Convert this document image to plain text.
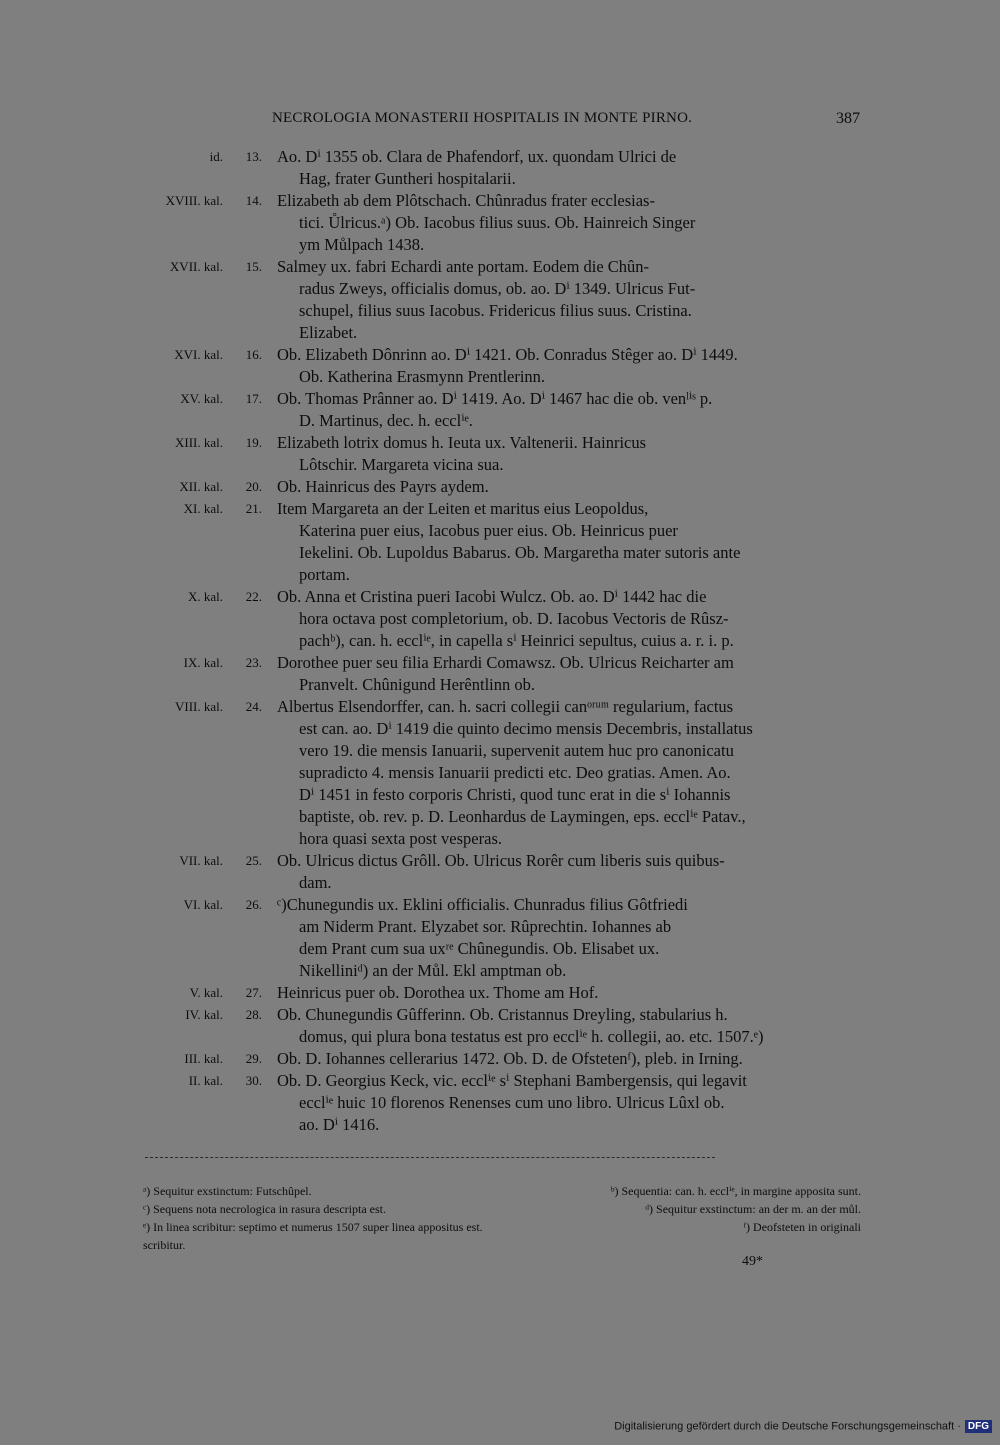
NECROLOGIA MONASTERII HOSPITALIS IN MONTE PIRNO.	387
id.	13. Ao. Dⁱ 1355 ob. Clara de Phafendorf, ux. quondam Ulrici de
Hag, frater Guntheri hospitalarii.
XVIII. kal.	14. Elizabeth ab dem Plôtschach. Chûnradus frater ecclesias-
tici. Ůlricus.ᵃ) Ob. Iacobus filius suus. Ob. Hainreich Singer
ym Můlpach 1438.
XVII. kal.	15. Salmey ux. fabri Echardi ante portam. Eodem die Chûn-
radus Zweys, officialis domus, ob. ao. Dⁱ 1349. Ulricus Fut-
schupel, filius suus Iacobus. Fridericus filius suus. Cristina.
Elizabet.
XVI. kal.	16. Ob. Elizabeth Dônrinn ao. Dⁱ 1421. Ob. Conradus Stêger ao. Dⁱ 1449.
Ob. Katherina Erasmynn Prentlerinn.
XV. kal.	17. Ob. Thomas Prânner ao. Dⁱ 1419. Ao. Dⁱ 1467 hac die ob. venˡⁱˢ p.
D. Martinus, dec. h. ecclⁱᵉ.
XIII. kal.	19. Elizabeth lotrix domus h. Ieuta ux. Valtenerii. Hainricus
Lôtschir. Margareta vicina sua.
XII. kal.	20. Ob. Hainricus des Payrs aydem.
XI. kal.	21. Item Margareta an der Leiten et maritus eius Leopoldus,
Katerina puer eius, Iacobus puer eius. Ob. Heinricus puer
Iekelini. Ob. Lupoldus Babarus. Ob. Margaretha mater sutoris ante
portam.
X. kal.	22. Ob. Anna et Cristina pueri Iacobi Wulcz. Ob. ao. Dⁱ 1442 hac die
hora octava post completorium, ob. D. Iacobus Vectoris de Rûsz-
pachᵇ), can. h. ecclⁱᵉ, in capella sⁱ Heinrici sepultus, cuius a. r. i. p.
IX. kal.	23. Dorothee puer seu filia Erhardi Comawsz. Ob. Ulricus Reicharter am
Pranvelt. Chûnigund Herêntlinn ob.
VIII. kal.	24. Albertus Elsendorffer, can. h. sacri collegii canᵒʳᵘᵐ regularium, factus
est can. ao. Dⁱ 1419 die quinto decimo mensis Decembris, installatus
vero 19. die mensis Ianuarii, supervenit autem huc pro canonicatu
supradicto 4. mensis Ianuarii predicti etc. Deo gratias. Amen. Ao.
Dⁱ 1451 in festo corporis Christi, quod tunc erat in die sⁱ Iohannis
baptiste, ob. rev. p. D. Leonhardus de Laymingen, eps. ecclⁱᵉ Patav.,
hora quasi sexta post vesperas.
VII. kal.	25. Ob. Ulricus dictus Grôll. Ob. Ulricus Rorêr cum liberis suis quibus-
dam.
VI. kal.	26. ᶜ)Chunegundis ux. Eklini officialis. Chunradus filius Gôtfriedi
am Niderm Prant. Elyzabet sor. Rûprechtin. Iohannes ab
dem Prant cum sua uxʳᵉ Chûnegundis. Ob. Elisabet ux.
Nikelliniᵈ) an der Můl. Ekl amptman ob.
V. kal.	27. Heinricus puer ob. Dorothea ux. Thome am Hof.
IV. kal.	28. Ob. Chunegundis Gûfferinn. Ob. Cristannus Dreyling, stabularius h.
domus, qui plura bona testatus est pro ecclⁱᵉ h. collegii, ao. etc. 1507.ᵉ)
III. kal.	29. Ob. D. Iohannes cellerarius 1472. Ob. D. de Ofstetenᶠ), pleb. in Irning.
II. kal.	30. Ob. D. Georgius Keck, vic. ecclⁱᵉ sⁱ Stephani Bambergensis, qui legavit
ecclⁱᵉ huic 10 florenos Renenses cum uno libro. Ulricus Lûxl ob.
ao. Dⁱ 1416.
ᵃ) Sequitur exstinctum: Futschûpel.	ᵇ) Sequentia: can. h. ecclⁱᵉ, in margine apposita sunt.
ᶜ) Sequens nota necrologica in rasura descripta est.	ᵈ) Sequitur exstinctum: an der m. an der můl.
ᵉ) In linea scribitur: septimo et numerus 1507 super linea appositus est.	ᶠ) Deofsteten in originali
scribitur.
49*
Digitalisierung gefördert durch die Deutsche Forschungsgemeinschaft · DFG
